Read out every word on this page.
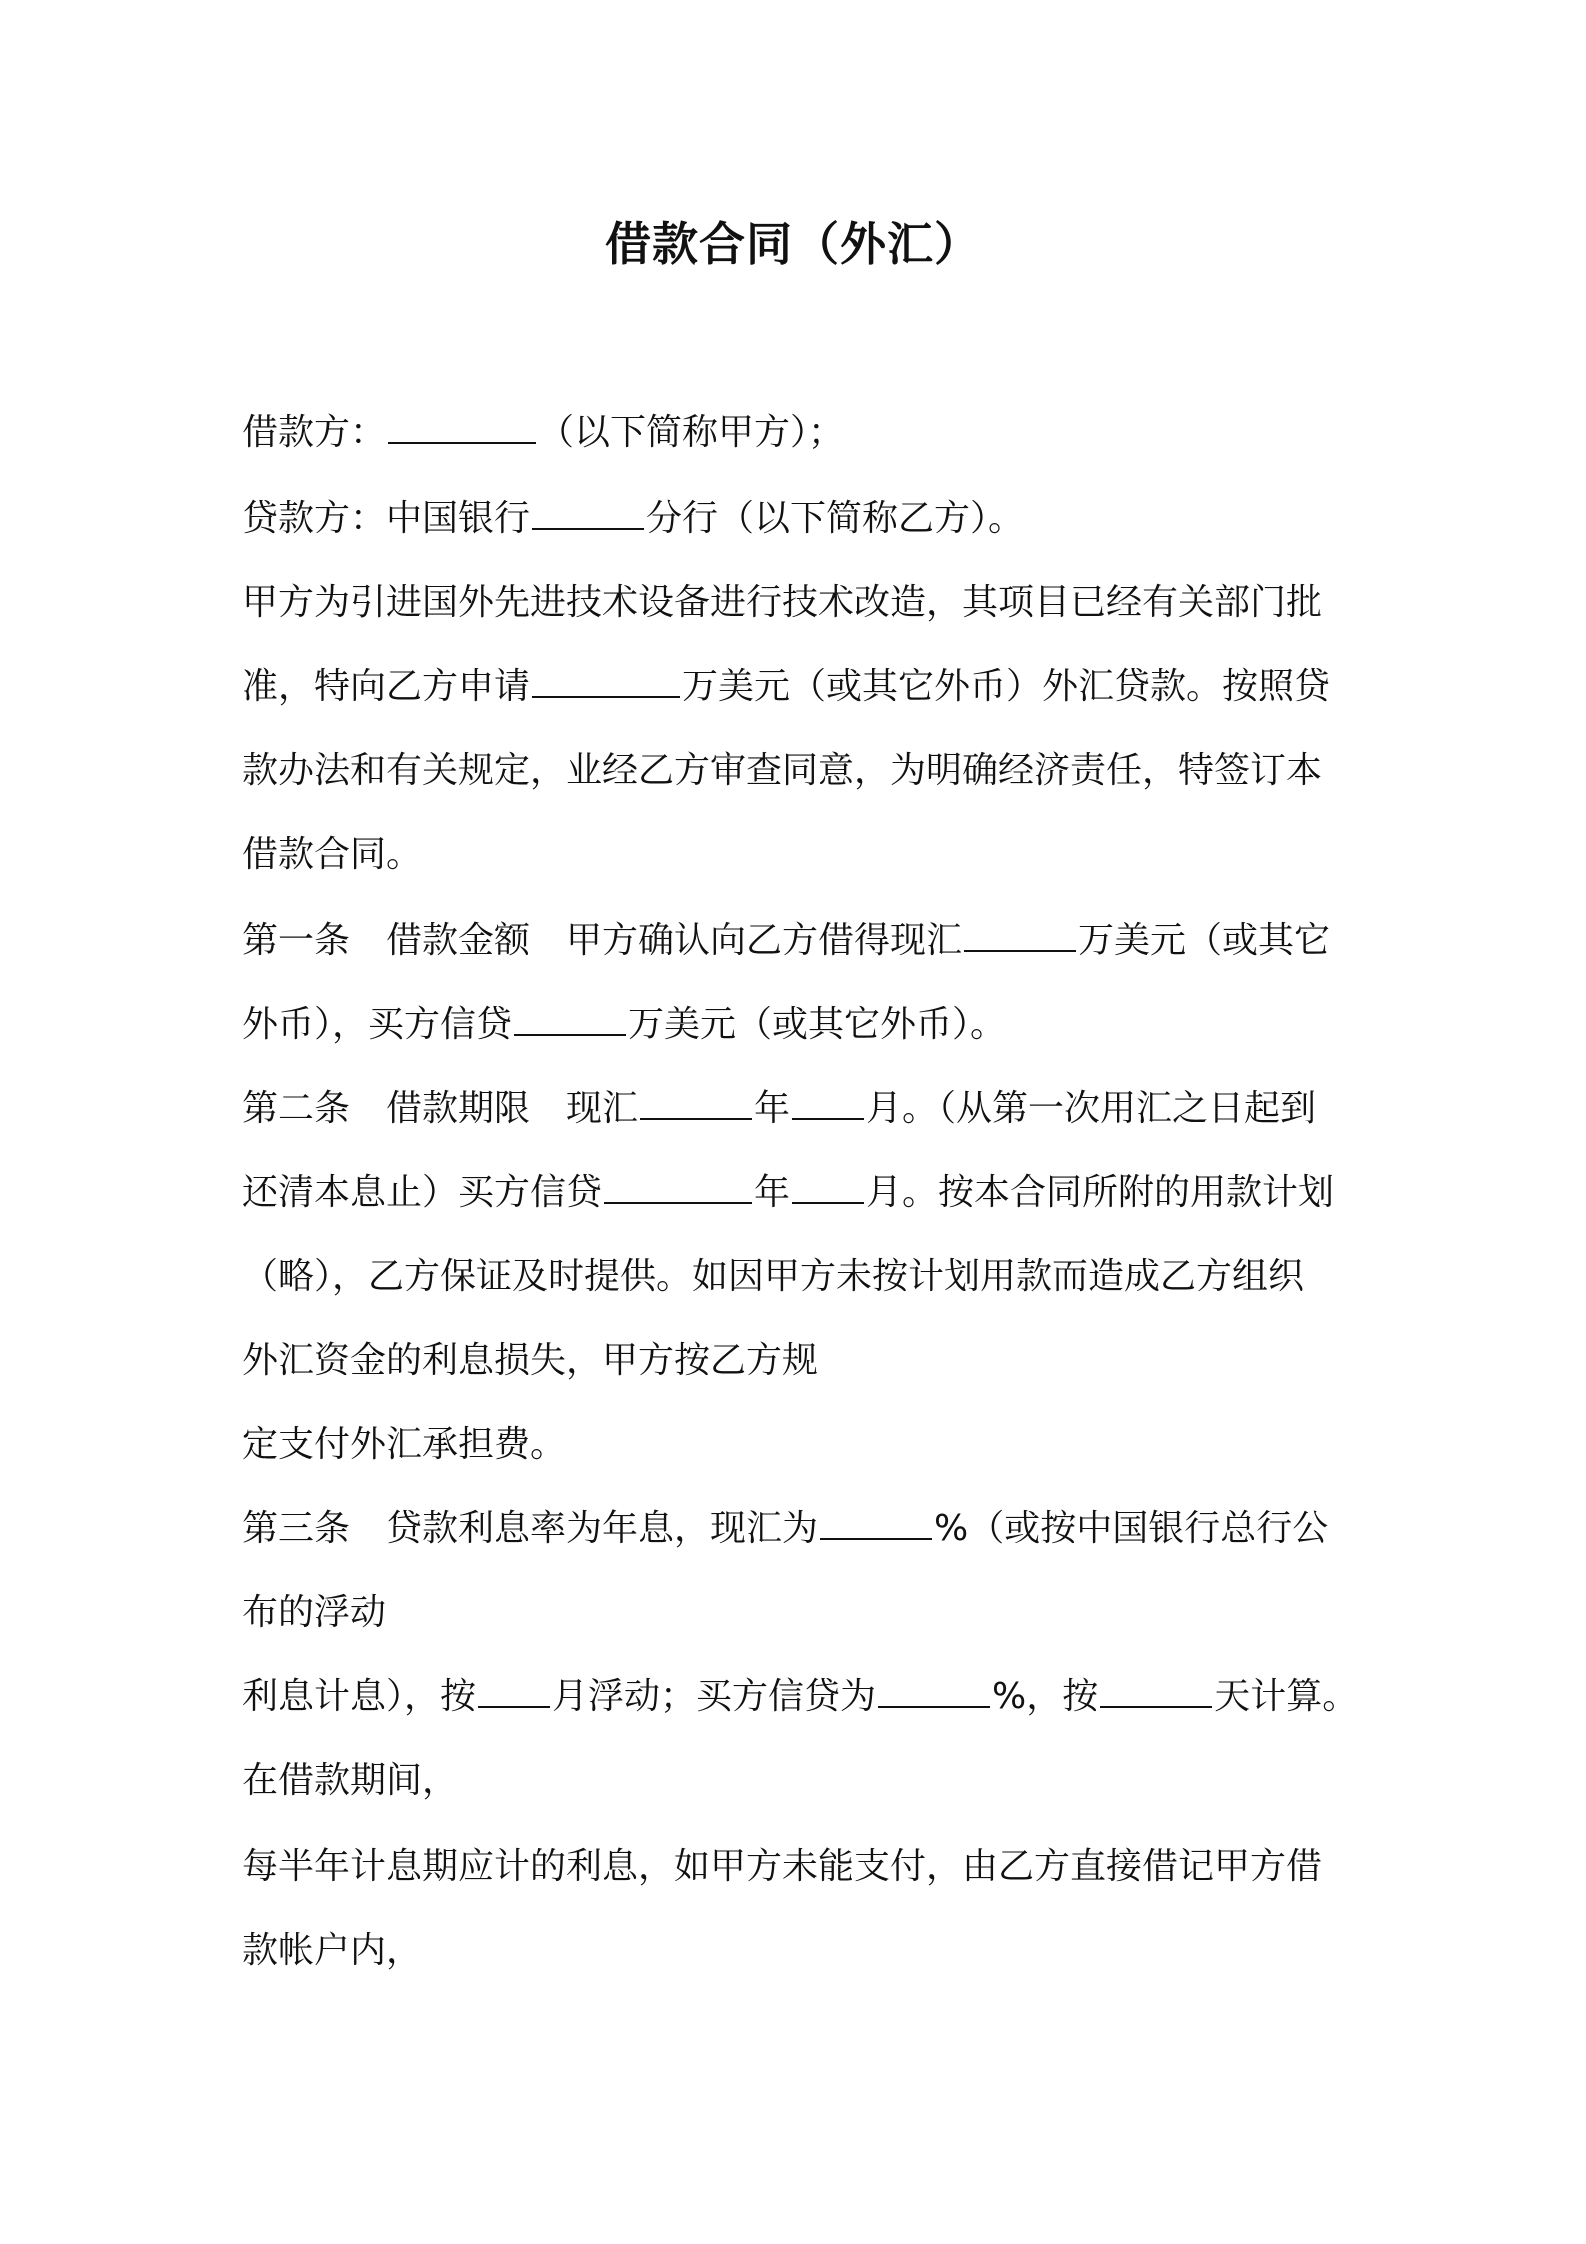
借款合同（外汇）
借款方：	（以下简称甲方）；
贷款方：中国银行	分行（以下简称乙方）。
甲方为引进国外先进技术设备进行技术改造，其项目已经有关部门批
准，特向乙方申请	万美元（或其它外币）外汇贷款。按照贷
款办法和有关规定，业经乙方审查同意，为明确经济责任，特签订本
借款合同。
第一条　借款金额　甲方确认向乙方借得现汇	万美元（或其它
外币），买方信贷	万美元（或其它外币）。
第二条　借款期限　现汇	年 月。（从第一次用汇之日起到
还清本息止）买方信贷	年 月。按本合同所附的用款计划
（略），乙方保证及时提供。如因甲方未按计划用款而造成乙方组织
外汇资金的利息损失，甲方按乙方规
定支付外汇承担费。
第三条　贷款利息率为年息，现汇为	%（或按中国银行总行公
布的浮动
利息计息），按 月浮动；买方信贷为	%，按	天计算。
在借款期间，
每半年计息期应计的利息，如甲方未能支付，由乙方直接借记甲方借
款帐户内，
